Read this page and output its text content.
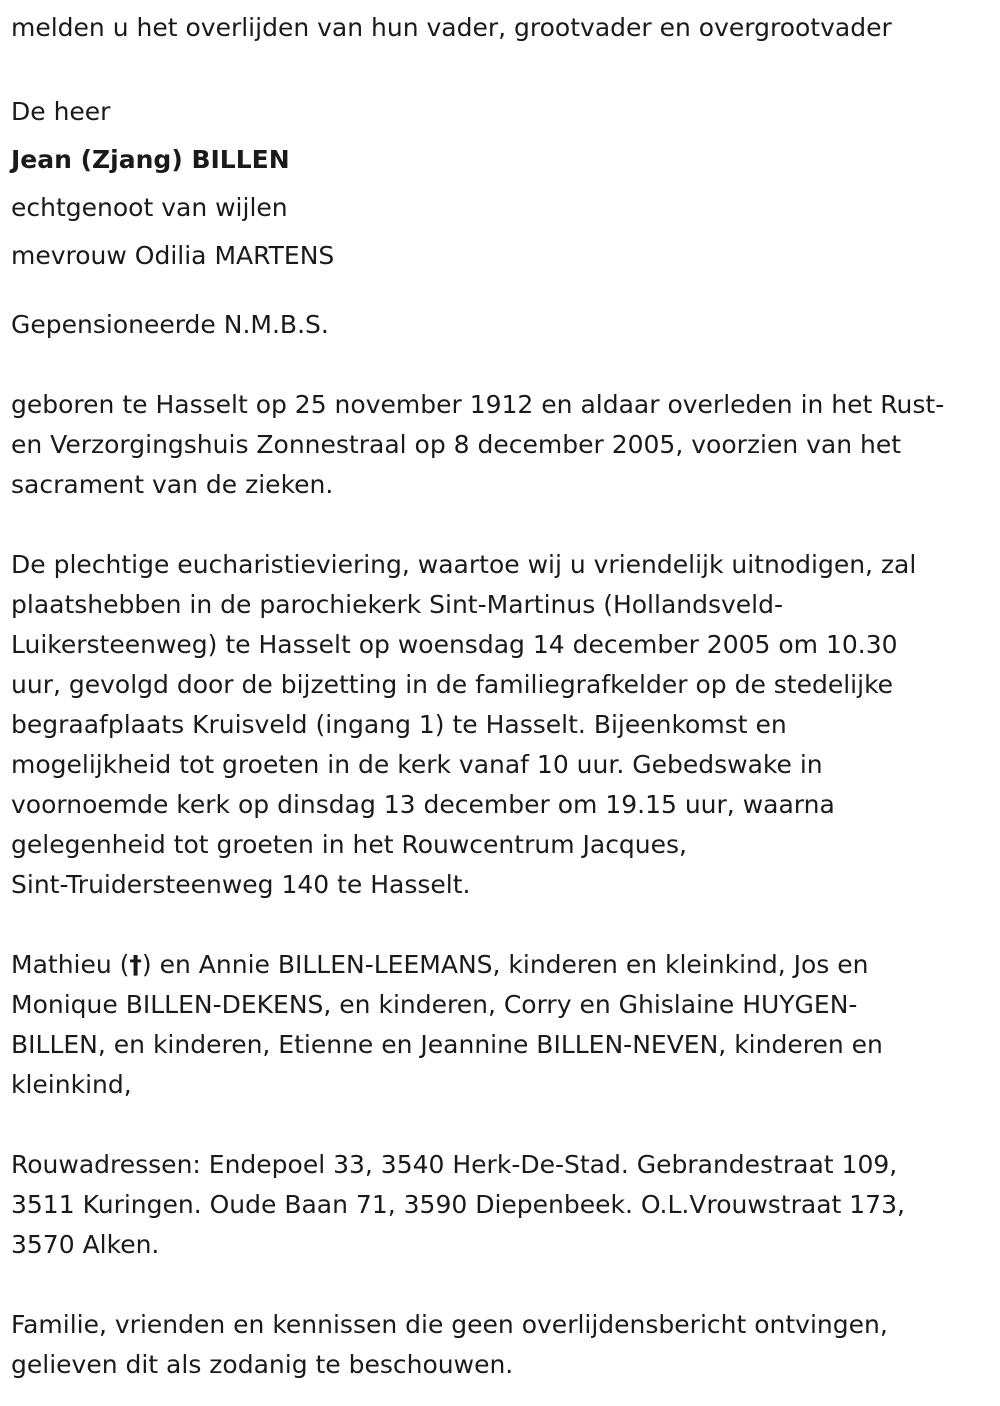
melden u het overlijden van hun vader, grootvader en overgrootvader

De heer

Jean (Zjang) BILLEN

echtgenoot van wijlen

mevrouw Odilia MARTENS

Gepensioneerde N.M.B.S.

geboren te Hasselt op 25 november 1912 en aldaar overleden in het Rust-

en Verzorgingshuis Zonnestraal op 8 december 2005, voorzien van het

sacrament van de zieken.

De plechtige eucharistieviering, waartoe wij u vriendelijk uitnodigen, zal

plaatshebben in de parochiekerk Sint-Martinus (Hollandsveld-

Luikersteenweg) te Hasselt op woensdag 14 december 2005 om 10.30

uur, gevolgd door de bijzetting in de familiegrafkelder op de stedelijke

begraafplaats Kruisveld (ingang 1) te Hasselt. Bijeenkomst en

mogelijkheid tot groeten in de kerk vanaf 10 uur. Gebedswake in

voornoemde kerk op dinsdag 13 december om 19.15 uur, waarna

gelegenheid tot groeten in het Rouwcentrum Jacques,

Sint-Truidersteenweg 140 te Hasselt.

Mathieu (†) en Annie BILLEN-LEEMANS, kinderen en kleinkind, Jos en

Monique BILLEN-DEKENS, en kinderen, Corry en Ghislaine HUYGEN-

BILLEN, en kinderen, Etienne en Jeannine BILLEN-NEVEN, kinderen en

kleinkind,

Rouwadressen: Endepoel 33, 3540 Herk-De-Stad. Gebrandestraat 109,

3511 Kuringen. Oude Baan 71, 3590 Diepenbeek. O.L.Vrouwstraat 173,

3570 Alken.

Familie, vrienden en kennissen die geen overlijdensbericht ontvingen,

gelieven dit als zodanig te beschouwen.
